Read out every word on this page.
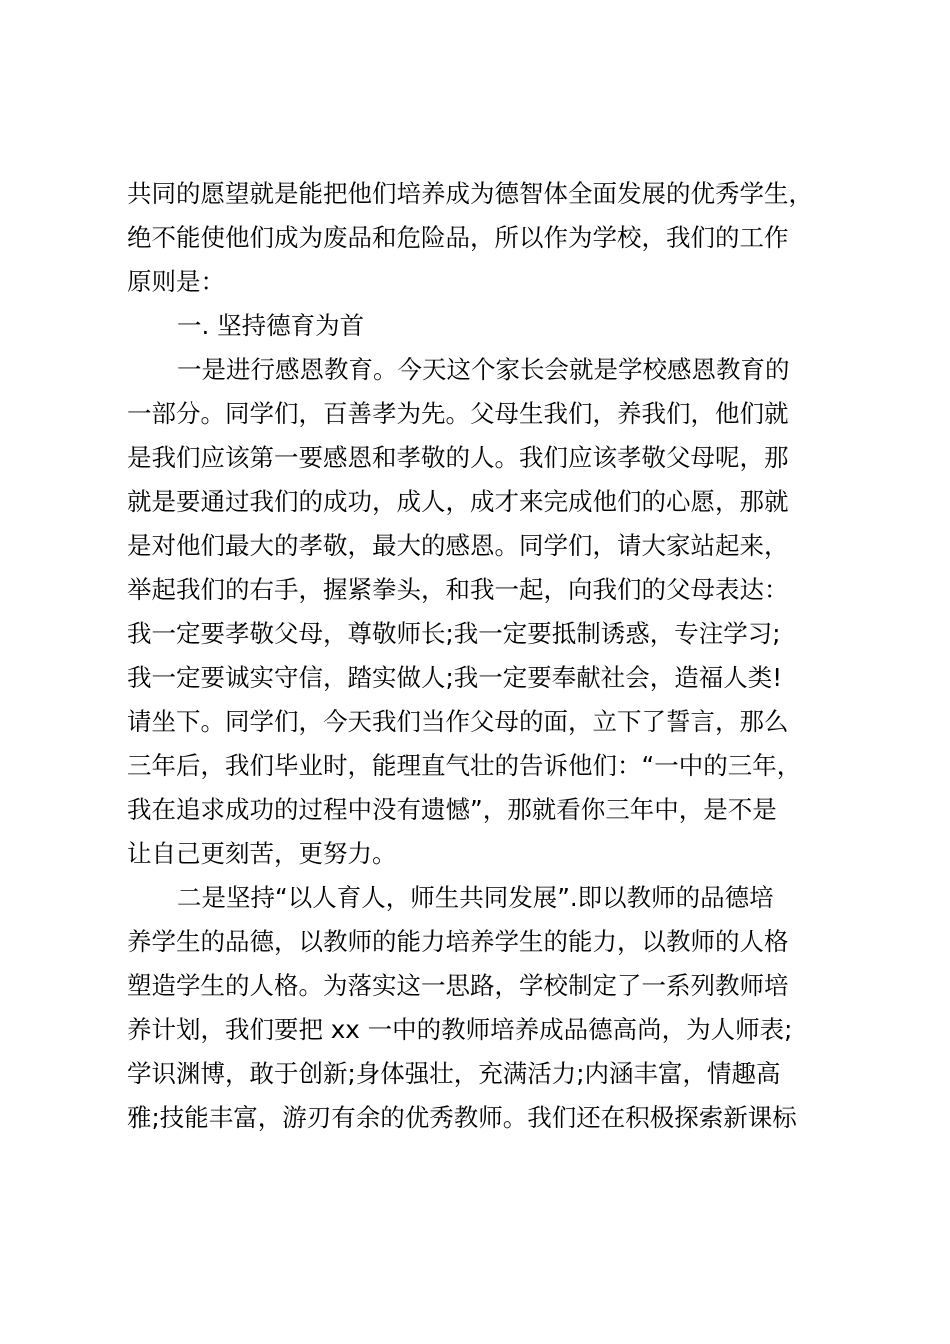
共同的愿望就是能把他们培养成为德智体全面发展的优秀学生，
绝不能使他们成为废品和危险品，所以作为学校，我们的工作
原则是：
一. 坚持德育为首
一是进行感恩教育。今天这个家长会就是学校感恩教育的
一部分。同学们，百善孝为先。父母生我们，养我们，他们就
是我们应该第一要感恩和孝敬的人。我们应该孝敬父母呢，那
就是要通过我们的成功，成人，成才来完成他们的心愿，那就
是对他们最大的孝敬，最大的感恩。同学们，请大家站起来，
举起我们的右手，握紧拳头，和我一起，向我们的父母表达：
我一定要孝敬父母，尊敬师长;我一定要抵制诱惑，专注学习;
我一定要诚实守信，踏实做人;我一定要奉献社会，造福人类!
请坐下。同学们，今天我们当作父母的面，立下了誓言，那么
三年后，我们毕业时，能理直气壮的告诉他们：“一中的三年，
我在追求成功的过程中没有遗憾”，那就看你三年中，是不是
让自己更刻苦，更努力。
二是坚持“以人育人，师生共同发展”.即以教师的品德培
养学生的品德，以教师的能力培养学生的能力，以教师的人格
塑造学生的人格。为落实这一思路，学校制定了一系列教师培
养计划，我们要把 xx 一中的教师培养成品德高尚，为人师表;
学识渊博，敢于创新;身体强壮，充满活力;内涵丰富，情趣高
雅;技能丰富，游刃有余的优秀教师。我们还在积极探索新课标
